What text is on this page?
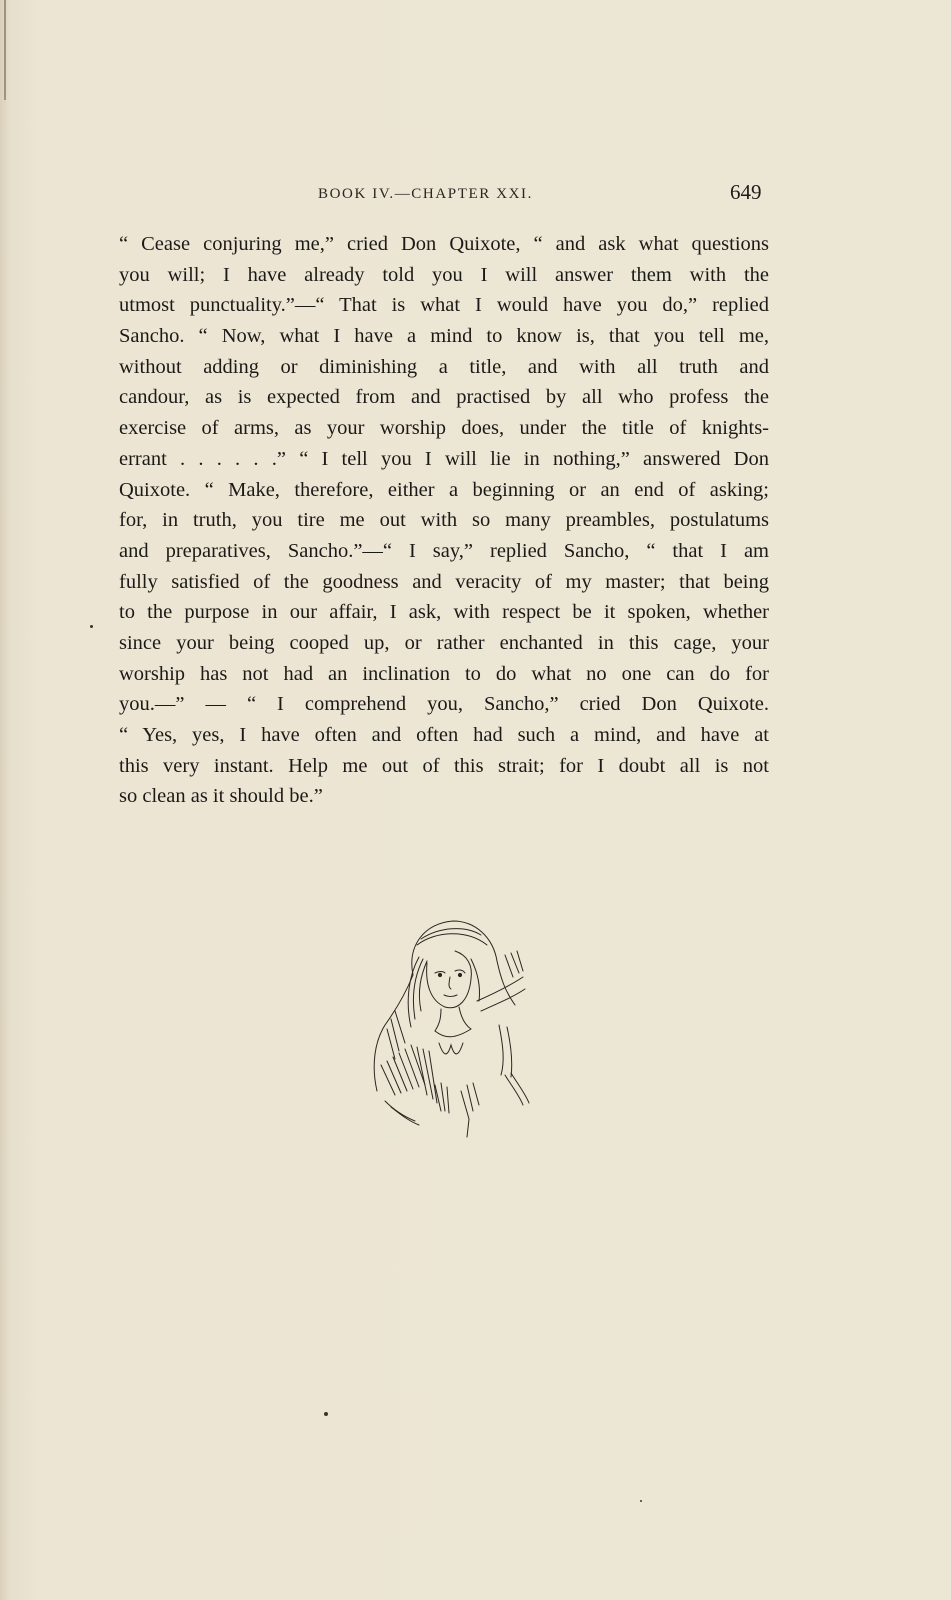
BOOK IV.—CHAPTER XXI.	649
“ Cease conjuring me,” cried Don Quixote, “ and ask what questions
you will; I have already told you I will answer them with the
utmost punctuality.”—“ That is what I would have you do,” replied
Sancho. “ Now, what I have a mind to know is, that you tell me,
without adding or diminishing a title, and with all truth and
candour, as is expected from and practised by all who profess the
exercise of arms, as your worship does, under the title of knights-
errant . . . . . .” “ I tell you I will lie in nothing,” answered Don
Quixote. “ Make, therefore, either a beginning or an end of asking;
for, in truth, you tire me out with so many preambles, postulatums
and preparatives, Sancho.”—“ I say,” replied Sancho, “ that I am
fully satisfied of the goodness and veracity of my master; that being
to the purpose in our affair, I ask, with respect be it spoken, whether
since your being cooped up, or rather enchanted in this cage, your
worship has not had an inclination to do what no one can do for
you.—” — “ I comprehend you, Sancho,” cried Don Quixote.
“ Yes, yes, I have often and often had such a mind, and have at
this very instant. Help me out of this strait; for I doubt all is not
so clean as it should be.”
